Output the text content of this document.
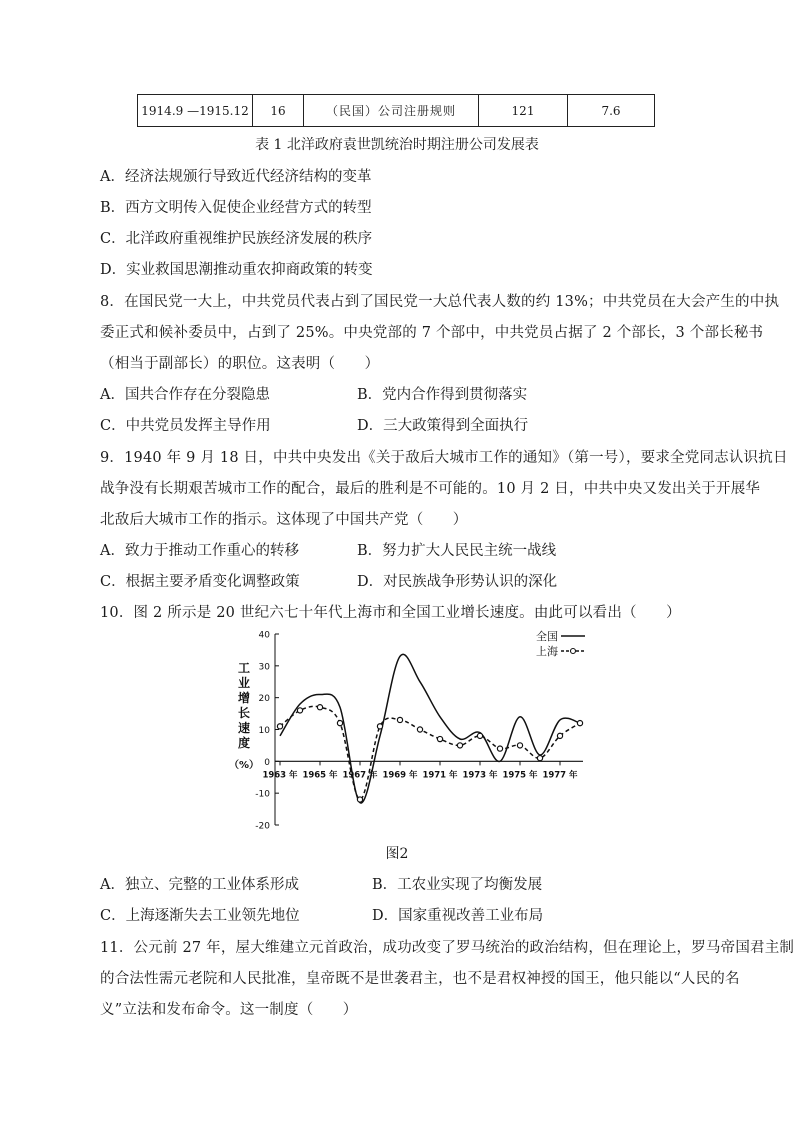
1914.9 —1915.12	16	（民国）公司注册规则	121	7.6
表 1 北洋政府袁世凯统治时期注册公司发展表
A．经济法规颁行导致近代经济结构的变革
B．西方文明传入促使企业经营方式的转型
C．北洋政府重视维护民族经济发展的秩序
D．实业救国思潮推动重农抑商政策的转变
8．在国民党一大上，中共党员代表占到了国民党一大总代表人数的约 13%；中共党员在大会产生的中执
委正式和候补委员中，占到了 25%。中央党部的 7 个部中，中共党员占据了 2 个部长，3 个部长秘书
（相当于副部长）的职位。这表明（　　）
A．国共合作存在分裂隐患	B．党内合作得到贯彻落实
C．中共党员发挥主导作用	D．三大政策得到全面执行
9．1940 年 9 月 18 日，中共中央发出《关于敌后大城市工作的通知》（第一号），要求全党同志认识抗日
战争没有长期艰苦城市工作的配合，最后的胜利是不可能的。10 月 2 日，中共中央又发出关于开展华
北敌后大城市工作的指示。这体现了中国共产党（　　）
A．致力于推动工作重心的转移	B．努力扩大人民民主统一战线
C．根据主要矛盾变化调整政策	D．对民族战争形势认识的深化
10．图 2 所示是 20 世纪六七十年代上海市和全国工业增长速度。由此可以看出（　　）
工
业
增
长
速
度
（%）
40
30
20
10
0
-10
-20
1963 年 1965 年 1967 年 1969 年 1971 年 1973 年 1975 年 1977 年
全国
上海
图2
A．独立、完整的工业体系形成	B．工农业实现了均衡发展
C．上海逐渐失去工业领先地位	D．国家重视改善工业布局
11．公元前 27 年，屋大维建立元首政治，成功改变了罗马统治的政治结构，但在理论上，罗马帝国君主制
的合法性需元老院和人民批准，皇帝既不是世袭君主，也不是君权神授的国王，他只能以“人民的名
义”立法和发布命令。这一制度（　　）
